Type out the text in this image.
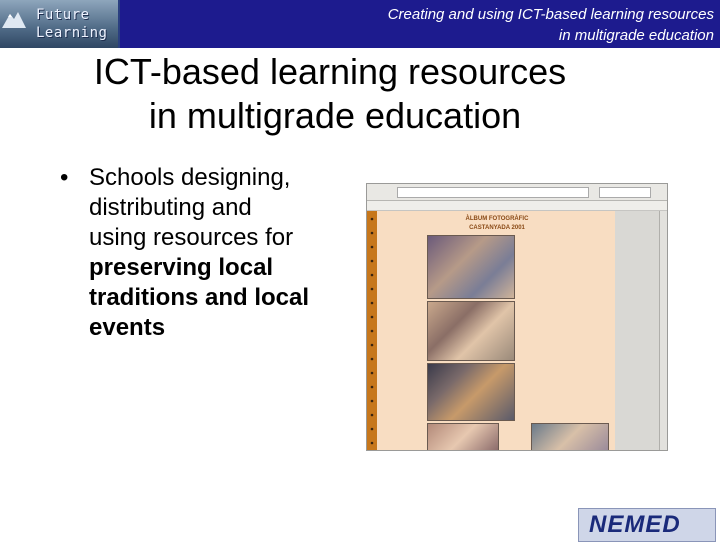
Future
Learning
Creating and using ICT-based learning resources
in multigrade education
ICT-based learning resources
in multigrade education
• Schools designing,
distributing and
using resources for
preserving local
traditions and local
events
ÀLBUM FOTOGRÀFIC
CASTANYADA 2001
NEMED
